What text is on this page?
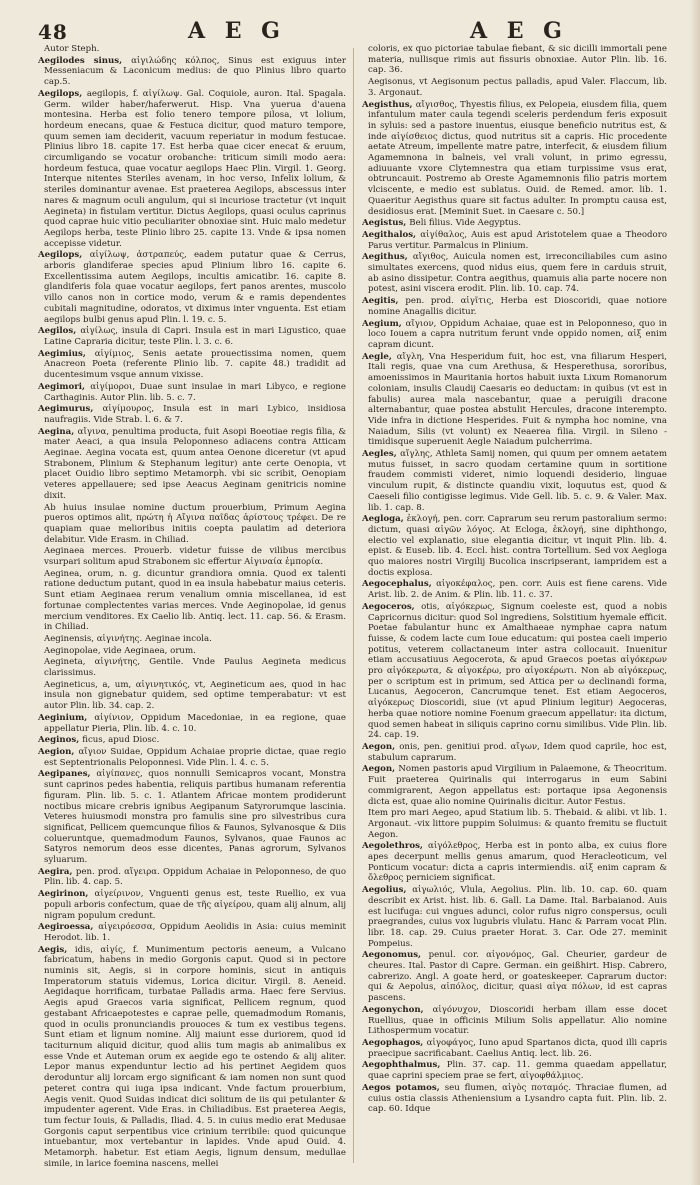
48	A E G	A E G

Autor Steph.

Aegilodes sinus, αἰγιλώδης κόλπος, Sinus est exiguus inter Messeniacum & Laconicum medius: de quo Plinius libro quarto cap.5.

Aegilops, aegilopis, f. αἰγίλωψ. Gal. Coquiole, auron. Ital. Spagala. Germ. wilder haber/haferwerut. Hisp. Vna yuerua d'auena montesina. Herba est folio tenero tempore pilosa, vt lolium, hordeum enecans, quae & Festuca dicitur, quod maturo tempore, quum semen iam deciderit, vacuum reperiatur in modum festucae. Plinius libro 18. capite 17. Est herba quae cicer enecat & eruum, circumligando se vocatur orobanche: triticum simili modo aera: hordeum festuca, quae vocatur aegilops Haec Plin. Virgil. 1. Georg. Interque nitentes Steriles avenam, in hoc verso, Infelix lolium, & steriles dominantur avenae. Est praeterea Aegilops, abscessus inter nares & magnum oculi angulum, qui si incuriose tractetur (vt inquit Aegineta) in fistulam vertitur. Dictus Aegilops, quasi oculus caprinus quod caprae huic vitio peculiariter obnoxiae sint. Huic malo medetur Aegilops herba, teste Plinio libro 25. capite 13. Vnde & ipsa nomen accepisse videtur.

Aegilops, αἰγίλωψ, ἀστραπεύς, eadem putatur quae & Cerrus, arboris glandiferae species apud Plinium libro 16. capite 6. Excellentissima autem Aegilops, incultis amicatibr. 16. capite 8. glandiferis fola quae vocatur aegilops, fert panos arentes, muscolo villo canos non in cortice modo, verum & e ramis dependentes cubitali magnitudine, odoratos, vt diximus inter vnguenta. Est etiam aegilops bulbi genus apud Plin. l. 19. c. 5.

Aegilos, αἰγίλως, insula di Capri. Insula est in mari Ligustico, quae Latine Capraria dicitur, teste Plin. l. 3. c. 6.

Aegimius, αἰγίμιος, Senis aetate prouectissima nomen, quem Anacreon Poeta (referente Plinio lib. 7. capite 48.) tradidit ad ducentesimum vsque annum vixisse.

Aegimori, αἰγίμοροι, Duae sunt insulae in mari Libyco, e regione Carthaginis. Autor Plin. lib. 5. c. 7.

Aegimurus, αἰγίμουρος, Insula est in mari Lybico, insidiosa naufragiis. Vide Strab. l. 6. & 7.

Aegina, αἴγινα, penultima producta, fuit Asopi Boeotiae regis filia, & mater Aeaci, a qua insula Peloponneso adiacens contra Atticam Aeginae. Aegina vocata est, quum antea Oenone diceretur (vt apud Strabonem, Plinium & Stephanum legitur) ante certe Oenopia, vt placet Ouidio libro septimo Metamorph. vbi sic scribit, Oenopiam veteres appellauere; sed ipse Aeacus Aeginam genitricis nomine dixit.

Ab huius insulae nomine ductum prouerbium, Primum Aegina pueros optimos alit, πρώτη ἡ Αἴγινα παῖδας ἀρίστους τρέφει. De re quapiam quae melioribus initiis coepta paulatim ad deteriora delabitur. Vide Erasm. in Chiliad.

Aeginaea merces. Prouerb. videtur fuisse de vilibus mercibus vsurpari solitum apud Strabonem sic effertur Αἰγιναία ἐμπορία.

Aeginea, orum, n. g. dicuntur grandiora omnia. Quod ex talenti ratione deductum putant, quod in ea insula habebatur maius ceteris. Sunt etiam Aeginaea rerum venalium omnia miscellanea, id est fortunae complectentes varias merces. Vnde Aeginopolae, id genus mercium venditores. Ex Caelio lib. Antiq. lect. 11. cap. 56. & Erasm. in Chiliad.

Aeginensis, αἰγινήτης. Aeginae incola.

Aeginopolae, vide Aeginaea, orum.

Aegineta, αἰγινήτης, Gentile. Vnde Paulus Aegineta medicus clarissimus.

Aegineticus, a, um, αἰγινητικός, vt, Aegineticum aes, quod in hac insula non gignebatur quidem, sed optime temperabatur: vt est autor Plin. lib. 34. cap. 2.

Aeginium, αἰγίνιον, Oppidum Macedoniae, in ea regione, quae appellatur Pieria, Plin. lib. 4. c. 10.

Aeginos, ficus, apud Diosc.

Aegion, αἴγιον Suidae, Oppidum Achaiae proprie dictae, quae regio est Septentrionalis Peloponnesi. Vide Plin. l. 4. c. 5.

Aegipanes, αἰγίπανες, quos nonnulli Semicapros vocant, Monstra sunt caprinos pedes habentia, reliquis partibus humanam referentia figuram. Plin. lib. 5. c. 1. Atlantem Africae montem prodiderunt noctibus micare crebris ignibus Aegipanum Satyrorumque lascinia. Veteres huiusmodi monstra pro famulis sine pro silvestribus cura significat, Pellicem quemcunque filios & Faunos, Sylvanosque & Diis colueruntque, quemadmodum Faunos, Sylvanos, quae Faunos ac Satyros nemorum deos esse dicentes, Panas agrorum, Sylvanos syluarum.

Aegira, pen. prod. αἴγειρα. Oppidum Achaiae in Peloponneso, de quo Plin. lib. 4. cap. 5.

Aegirinon, αἰγείρινον, Vnguenti genus est, teste Ruellio, ex vua populi arboris confectum, quae de τῆς αἰγείρου, quam alij alnum, alij nigram populum credunt.

Aegiroessa, αἰγειρόεσσα, Oppidum Aeolidis in Asia: cuius meminit Herodot. lib. 1.

Aegis, idis, αἰγίς, f. Munimentum pectoris aeneum, a Vulcano fabricatum, habens in medio Gorgonis caput. Quod si in pectore numinis sit, Aegis, si in corpore hominis, sicut in antiquis Imperatorum statuis videmus, Lorica dicitur. Virgil. 8. Aeneid. Aegidaque horrificam, turbatae Palladis arma. Haec fere Servius. Aegis apud Graecos varia significat, Pellicem regnum, quod gestabant Africaepotestes e caprae pelle, quemadmodum Romanis, quod in oculis pronunciandis prouoces & tum ex vestibus tegens. Sunt etiam et lignum nomine. Alij maiunt esse duriorem, quod id taciturnum aliquid dicitur, quod aliis tum magis ab animalibus ex esse Vnde et Auteman orum ex aegide ego te ostendo & alij aliter. Lepor manus expenduntur lectio ad his pertinet Aegidem quos deroduntur alij lorcam ergo significant & iam nomen non sunt quod peteret contra qui iuga ipsa indicant. Vnde factum prouerbium, Aegis venit. Quod Suidas indicat dici solitum de iis qui petulanter & impudenter agerent. Vide Eras. in Chiliadibus. Est praeterea Aegis, tum fectur Iouis, & Palladis, Iliad. 4. 5. in cuius medio erat Medusae Gorgonis caput serpentibus vice crinium terribile: quod quicunque intuebantur, mox vertebantur in lapides. Vnde apud Ouid. 4. Metamorph. habetur. Est etiam Aegis, lignum densum, medullae simile, in larice foemina nascens, mellei

coloris, ex quo pictoriae tabulae fiebant, & sic dicilli immortali pene materia, nullisque rimis aut fissuris obnoxiae. Autor Plin. lib. 16. cap. 36.

Aegisonus, vt Aegisonum pectus palladis, apud Valer. Flaccum, lib. 3. Argonaut.

Aegisthus, αἴγισθος, Thyestis filius, ex Pelopeia, eiusdem filia, quem infantulum mater caula tegendi sceleris perdendum feris exposuit in syluis: sed a pastore inuentus, eiusque beneficio nutritus est, & inde αἰγίσθειος dictus, quod nutritus sit a capris. Hic procedente aetate Atreum, impellente matre patre, interfecit, & eiusdem filium Agamemnona in balneis, vel vrali volunt, in primo egressu, adiuuante vxore Clytemnestra qua etiam turpissime vsus erat, obtruncauit. Postremo ab Oreste Agamemnonis filio patris mortem vlciscente, e medio est sublatus. Ouid. de Remed. amor. lib. 1. Quaeritur Aegisthus quare sit factus adulter. In promptu causa est, desidiosus erat. [Meminit Suet. in Caesare c. 50.]

Aegistus, Beli filius. Vide Aegyptus.

Aegithalos, αἰγίθαλος, Auis est apud Aristotelem quae a Theodoro Parus vertitur. Parmalcus in Plinium.

Aegithus, αἴγιθος, Auicula nomen est, irreconciliabiles cum asino simultates exercens, quod nidus eius, quem fere in carduis struit, ab asino dissipetur. Contra aegithus, quamuis alia parte nocere non potest, asini viscera erodit. Plin. lib. 10. cap. 74.

Aegitis, pen. prod. αἰγῖτις, Herba est Dioscoridi, quae notiore nomine Anagallis dicitur.

Aegium, αἴγιον, Oppidum Achaiae, quae est in Peloponneso, quo in loco Iouem a capra nutritum ferunt vnde oppido nomen, αἰξ enim capram dicunt.

Aegle, αἴγλη, Vna Hesperidum fuit, hoc est, vna filiarum Hesperi, Itali regis, quae vna cum Arethusa, & Hesperethusa, sororibus, amoenissimos in Mauritania hortos habuit iuxta Lixum Romanorum coloniam, insulis Claudij Caesaris eo deductam: in quibus (vt est in fabulis) aurea mala nascebantur, quae a peruigili dracone alternabantur, quae postea abstulit Hercules, dracone interempto. Vide infra in dictione Hesperides. Fuit & nympha hoc nomine, vna Naiadum, Silis (vt volunt) ex Neaerea filia. Virgil. in Sileno -timidisque superuenit Aegle Naiadum pulcherrima.

Aegles, αἴγλης, Athleta Samij nomen, qui quum per omnem aetatem mutus fuisset, in sacro quodam certamine quum in sortitione fraudem commisti videret, nimio loquendi desiderio, linguae vinculum rupit, & distincte quandiu vixit, loquutus est, quod & Caeseli filio contigisse legimus. Vide Gell. lib. 5. c. 9. & Valer. Max. lib. 1. cap. 8.

Aegloga, ἐκλογή, pen. corr. Caprarum seu rerum pastoralium sermo: dictum, quasi αἰγῶν λόγος. At Ecloga, ἐκλογή, sine diphthongo, electio vel explanatio, siue elegantia dicitur, vt inquit Plin. lib. 4. epist. & Euseb. lib. 4. Eccl. hist. contra Tortellium. Sed vox Aegloga quo maiores nostri Virgilij Bucolica inscripserant, iampridem est a doctis explosa.

Aegocephalus, αἰγοκέφαλος, pen. corr. Auis est fiene carens. Vide Arist. lib. 2. de Anim. & Plin. lib. 11. c. 37.

Aegoceros, otis, αἰγόκερως, Signum coeleste est, quod a nobis Capricornus dicitur: quod Sol ingrediens, Solstitium hyemale efficit. Poetae fabulantur hunc ex Amalthaeae nymphae capra natum fuisse, & codem lacte cum Ioue educatum: qui postea caeli imperio potitus, veterem collactaneum inter astra collocauit. Inuenitur etiam accusatiuus Aegocerota, & apud Graecos poetas αἰγόκερων pro αἰγόκερωτα, & αἰγοκέρω, pro αἰγοκέρωτι. Non ab αἰγόκερως, per o scriptum est in primum, sed Attica per ω declinandi forma, Lucanus, Aegoceron, Cancrumque tenet. Est etiam Aegoceros, αἰγόκερως Dioscoridi, siue (vt apud Plinium legitur) Aegoceras, herba quae notiore nomine Foenum graecum appellatur: ita dictum, quod semen habeat in siliquis caprino cornu similibus. Vide Plin. lib. 24. cap. 19.

Aegon, onis, pen. genitiui prod. αἴγων, Idem quod caprile, hoc est, stabulum caprarum.

Aegon, Nomen pastoris apud Virgilium in Palaemone, & Theocritum. Fuit praeterea Quirinalis qui interrogarus in eum Sabini commigrarent, Aegon appellatus est: portaque ipsa Aegonensis dicta est, quae alio nomine Quirinalis dicitur. Autor Festus.

Item pro mari Aegeo, apud Statium lib. 5. Thebaid. & alibi. vt lib. 1. Argonaut. -vix littore puppim Soluimus: & quanto fremitu se fluctuit Aegon.

Aegolethros, αἰγόλεθρος, Herba est in ponto alba, ex cuius flore apes decerpunt mellis genus amarum, quod Heracleoticum, vel Ponticum vocatur: dicta a capris intermiendis. αἰξ enim capram & ὄλεθρος perniciem significat.

Aegolius, αἰγωλιός, Vlula, Aegolius. Plin. lib. 10. cap. 60. quam describit ex Arist. hist. lib. 6. Gall. La Dame. Ital. Barbaianod. Auis est lucifuga: cui vngues adunci, color rufus nigro conspersus, oculi praegrandes, cuius vox lugubris vlulatu. Hanc & Parram vocat Plin. libr. 18. cap. 29. Cuius praeter Horat. 3. Car. Ode 27. meminit Pompeius.

Aegonomus, penul. cor. αἰγονόμος, Gal. Cheurier, gardeur de cheures. Ital. Pastor di Capre. German. ein geißhirt. Hisp. Cabrero, cabrerizo. Angl. A goate herd, or goateskeeper. Caprarum ductor: qui & Aepolus, αἰπόλος, dicitur, quasi αἰγα πόλων, id est capras pascens.

Aegonychon, αἰγόνυχον, Dioscoridi herbam illam esse docet Ruellius, quae in officinis Milium Solis appellatur. Alio nomine Lithospermum vocatur.

Aegophagos, αἰγοφάγος, Iuno apud Spartanos dicta, quod illi capris praecipue sacrificabant. Caelius Antiq. lect. lib. 26.

Aegophthalmus, Plin. 37. cap. 11. gemma quaedam appellatur, quae caprini speciem prae se fert, αἰγοφθάλμιος.

Aegos potamos, seu flumen, αἰγὸς ποταμός. Thraciae flumen, ad cuius ostia classis Atheniensium a Lysandro capta fuit. Plin. lib. 2. cap. 60. Idque
